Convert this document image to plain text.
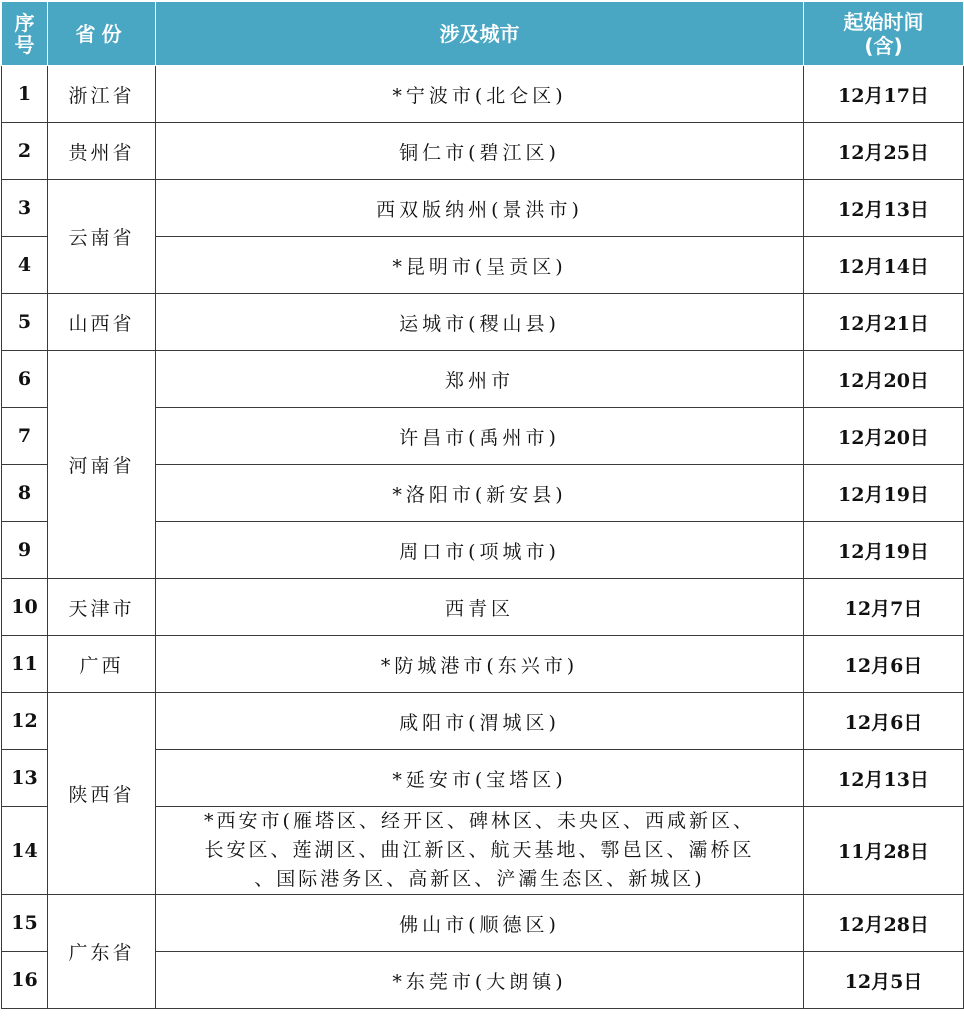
序号	省份	涉及城市	起始时间
(含)

1	浙江省	*宁波市(北仑区)	12月17日
2	贵州省	铜仁市(碧江区)	12月25日
3	云南省	西双版纳州(景洪市)	12月13日
4		*昆明市(呈贡区)	12月14日
5	山西省	运城市(稷山县)	12月21日
6	河南省	郑州市	12月20日
7		许昌市(禹州市)	12月20日
8		*洛阳市(新安县)	12月19日
9		周口市(项城市)	12月19日
10	天津市	西青区	12月7日
11	广西	*防城港市(东兴市)	12月6日
12	陕西省	咸阳市(渭城区)	12月6日
13		*延安市(宝塔区)	12月13日
14		*西安市(雁塔区、经开区、碑林区、未央区、西咸新区、
长安区、莲湖区、曲江新区、航天基地、鄠邑区、灞桥区
、国际港务区、高新区、浐灞生态区、新城区)	11月28日
15	广东省	佛山市(顺德区)	12月28日
16		*东莞市(大朗镇)	12月5日
